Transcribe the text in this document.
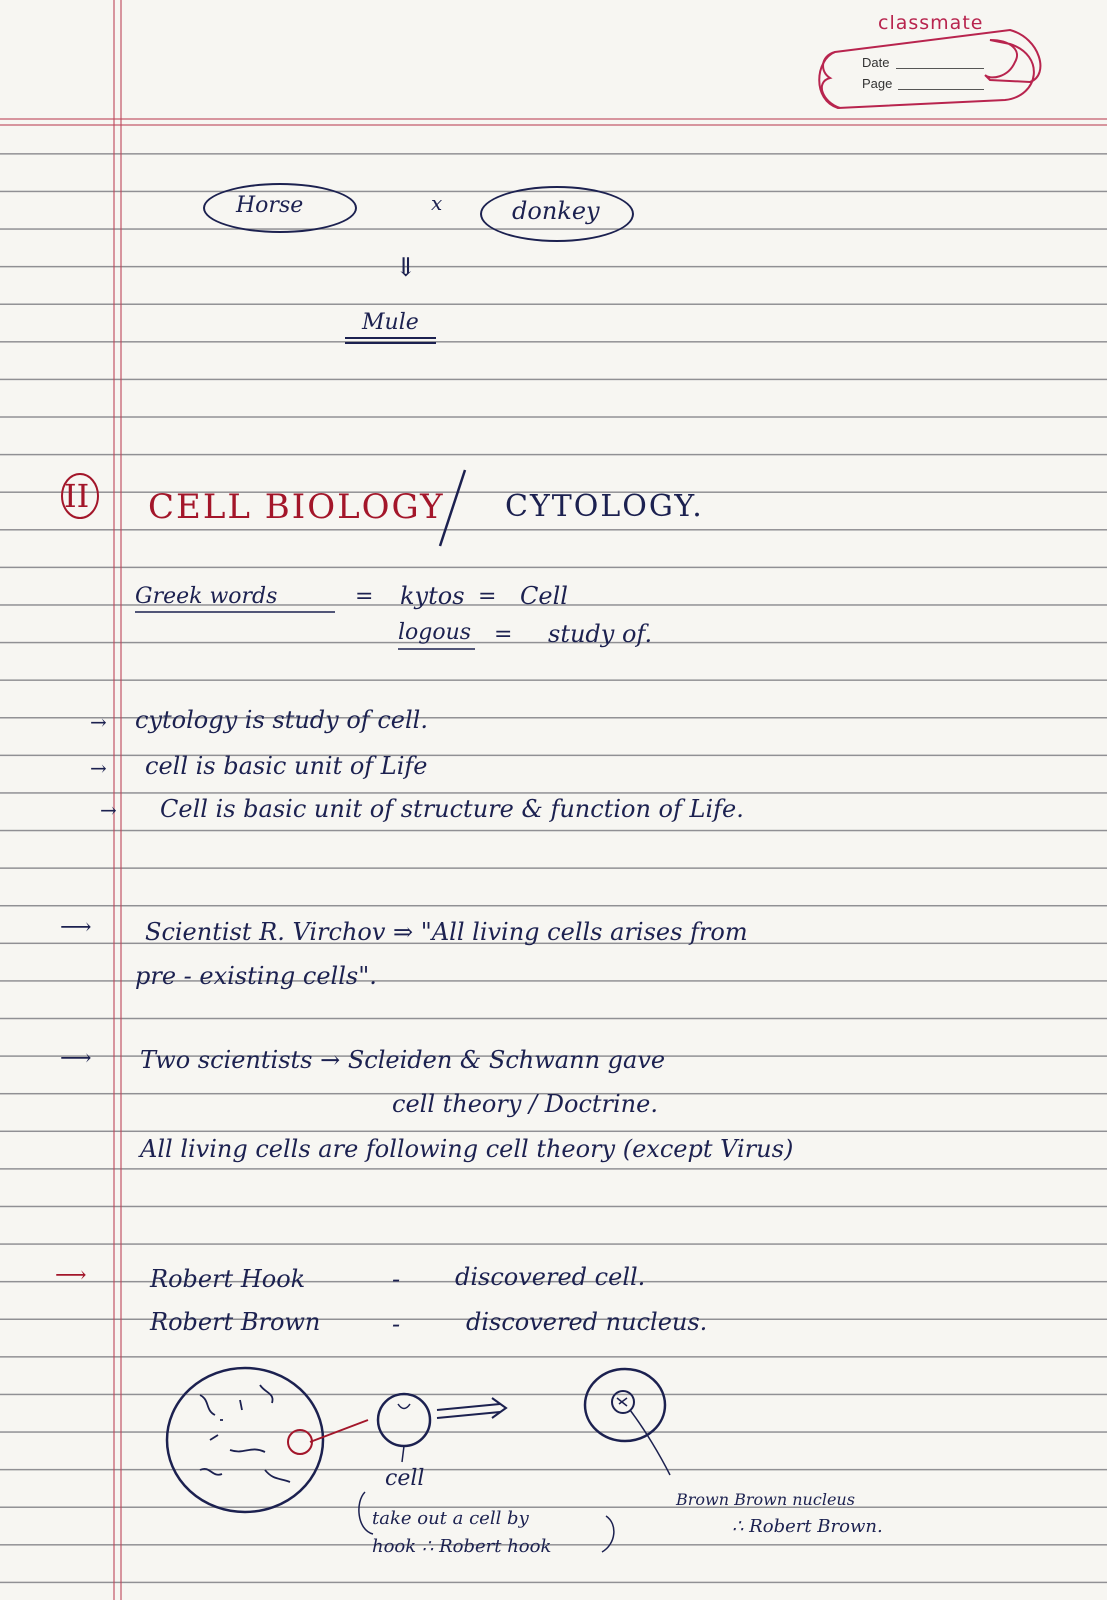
classmate
Date
Page
Horse	x	donkey
⇓
Mule
II CELL BIOLOGY CYTOLOGY.
Greek words	= kytos = Cell
logous = study of.
→ cytology is study of cell.
→ cell is basic unit of Life
→ Cell is basic unit of structure & function of Life.
⟶ Scientist R. Virchov ⇒ "All living cells arises from
pre - existing cells".
⟶ Two scientists → Scleiden & Schwann gave
cell theory / Doctrine.
All living cells are following cell theory (except Virus)
⟶	Robert Hook	- discovered cell.
Robert Brown	-	discovered nucleus.
cell
take out a cell by
hook ∴ Robert hook
Brown Brown nucleus
∴ Robert Brown.
